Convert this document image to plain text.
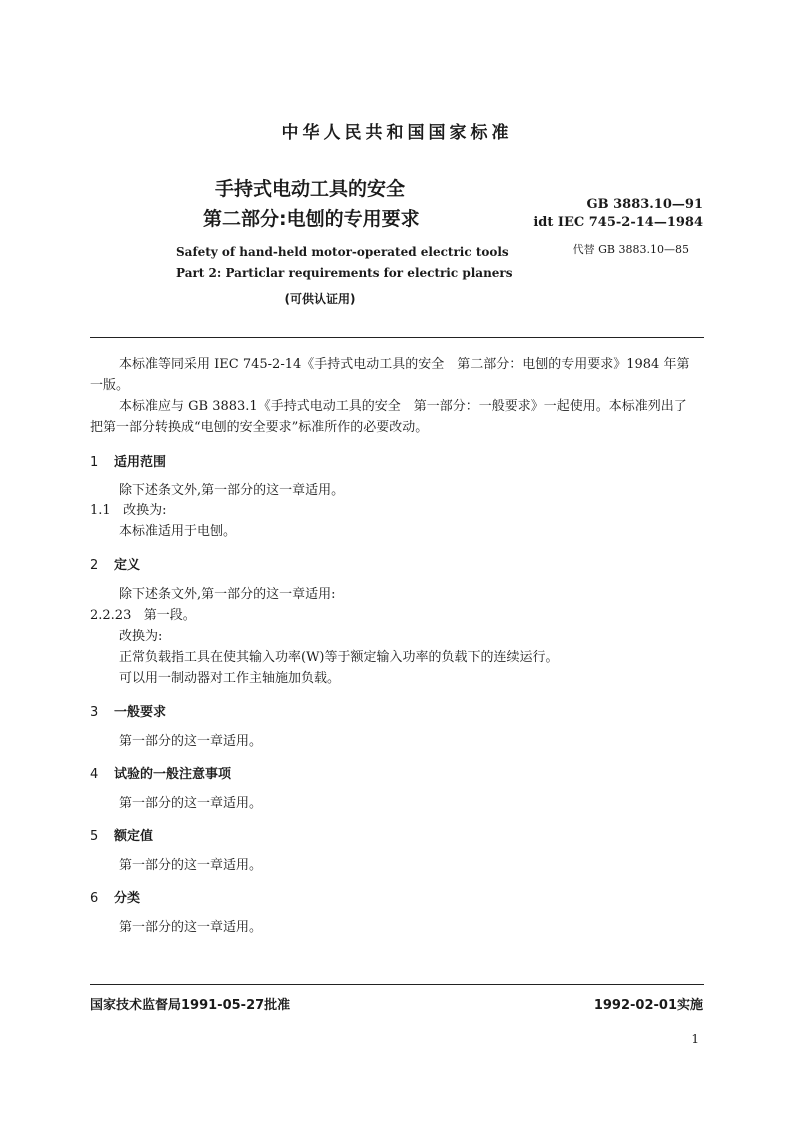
中华人民共和国国家标准
手持式电动工具的安全
第二部分:电刨的专用要求
Safety of hand-held motor-operated electric tools
Part 2: Particlar requirements for electric planers
(可供认证用)
GB 3883.10—91
idt IEC 745-2-14—1984
代替 GB 3883.10—85
本标准等同采用 IEC 745-2-14《手持式电动工具的安全　第二部分：电刨的专用要求》1984 年第
一版。
本标准应与 GB 3883.1《手持式电动工具的安全　第一部分：一般要求》一起使用。本标准列出了
把第一部分转换成“电刨的安全要求”标准所作的必要改动。
1 适用范围
除下述条文外,第一部分的这一章适用。
1.1 改换为:
本标准适用于电刨。
2 定义
除下述条文外,第一部分的这一章适用:
2.2.23 第一段。
改换为:
正常负载指工具在使其输入功率(W)等于额定输入功率的负载下的连续运行。
可以用一制动器对工作主轴施加负载。
3 一般要求
第一部分的这一章适用。
4 试验的一般注意事项
第一部分的这一章适用。
5 额定值
第一部分的这一章适用。
6 分类
第一部分的这一章适用。
国家技术监督局1991-05-27批准	1992-02-01实施
1
